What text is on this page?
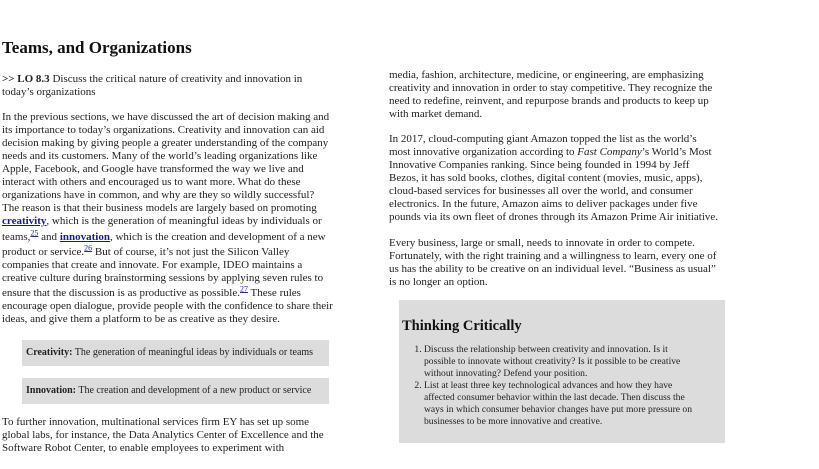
Teams, and Organizations
>> LO 8.3 Discuss the critical nature of creativity and innovation in
today’s organizations
In the previous sections, we have discussed the art of decision making and
its importance to today’s organizations. Creativity and innovation can aid
decision making by giving people a greater understanding of the company
needs and its customers. Many of the world’s leading organizations like
Apple, Facebook, and Google have transformed the way we live and
interact with others and encouraged us to want more. What do these
organizations have in common, and why are they so wildly successful?
The reason is that their business models are largely based on promoting
creativity, which is the generation of meaningful ideas by individuals or
teams,$^{25}$ and innovation, which is the creation and development of a new
product or service.$^{26}$ But of course, it’s not just the Silicon Valley
companies that create and innovate. For example, IDEO maintains a
creative culture during brainstorming sessions by applying seven rules to
ensure that the discussion is as productive as possible.$^{27}$ These rules
encourage open dialogue, provide people with the confidence to share their
ideas, and give them a platform to be as creative as they desire.
Creativity: The generation of meaningful ideas by individuals or teams
Innovation: The creation and development of a new product or service
To further innovation, multinational services firm EY has set up some
global labs, for instance, the Data Analytics Center of Excellence and the
Software Robot Center, to enable employees to experiment with
media, fashion, architecture, medicine, or engineering, are emphasizing
creativity and innovation in order to stay competitive. They recognize the
need to redefine, reinvent, and repurpose brands and products to keep up
with market demand.
In 2017, cloud-computing giant Amazon topped the list as the world’s
most innovative organization according to Fast Company’s World’s Most
Innovative Companies ranking. Since being founded in 1994 by Jeff
Bezos, it has sold books, clothes, digital content (movies, music, apps),
cloud-based services for businesses all over the world, and consumer
electronics. In the future, Amazon aims to deliver packages under five
pounds via its own fleet of drones through its Amazon Prime Air initiative.
Every business, large or small, needs to innovate in order to compete.
Fortunately, with the right training and a willingness to learn, every one of
us has the ability to be creative on an individual level. “Business as usual”
is no longer an option.
Thinking Critically
1. Discuss the relationship between creativity and innovation. Is it possible to innovate without creativity? Is it possible to be creative without innovating? Defend your position.
2. List at least three key technological advances and how they have affected consumer behavior within the last decade. Then discuss the ways in which consumer behavior changes have put more pressure on businesses to be more innovative and creative.
